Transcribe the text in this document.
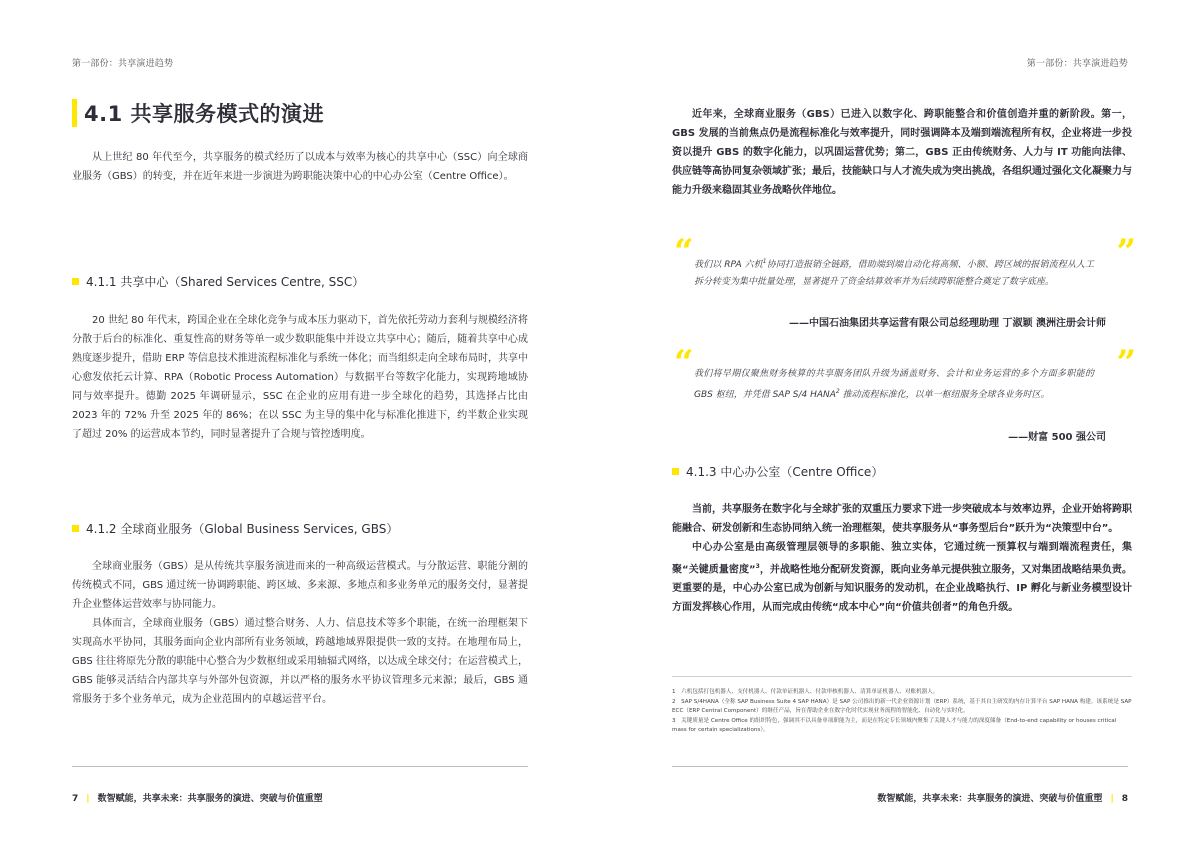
第一部份：共享演进趋势
4.1 共享服务模式的演进

从上世纪 80 年代至今，共享服务的模式经历了以成本与效率为核心的共享中心（SSC）向全球商业服务（GBS）的转变，并在近年来进一步演进为跨职能决策中心的中心办公室（Centre Office）。

4.1.1 共享中心（Shared Services Centre, SSC）

20 世纪 80 年代末，跨国企业在全球化竞争与成本压力驱动下，首先依托劳动力套利与规模经济将分散于后台的标准化、重复性高的财务等单一或少数职能集中并设立共享中心；随后，随着共享中心成熟度逐步提升，借助 ERP 等信息技术推进流程标准化与系统一体化；而当组织走向全球布局时，共享中心愈发依托云计算、RPA（Robotic Process Automation）与数据平台等数字化能力，实现跨地域协同与效率提升。德勤 2025 年调研显示，SSC 在企业的应用有进一步全球化的趋势，其选择占比由 2023 年的 72% 升至 2025 年的 86%；在以 SSC 为主导的集中化与标准化推进下，约半数企业实现了超过 20% 的运营成本节约，同时显著提升了合规与管控透明度。

4.1.2 全球商业服务（Global Business Services, GBS）

全球商业服务（GBS）是从传统共享服务演进而来的一种高级运营模式。与分散运营、职能分割的传统模式不同，GBS 通过统一协调跨职能、跨区域、多来源、多地点和多业务单元的服务交付，显著提升企业整体运营效率与协同能力。

具体而言，全球商业服务（GBS）通过整合财务、人力、信息技术等多个职能，在统一治理框架下实现高水平协同，其服务面向企业内部所有业务领域，跨越地域界限提供一致的支持。在地理布局上，GBS 往往将原先分散的职能中心整合为少数枢纽或采用轴辐式网络，以达成全球交付；在运营模式上，GBS 能够灵活结合内部共享与外部外包资源，并以严格的服务水平协议管理多元来源；最后，GBS 通常服务于多个业务单元，成为企业范围内的卓越运营平台。

7 | 数智赋能，共享未来：共享服务的演进、突破与价值重塑
第一部份：共享演进趋势

近年来，全球商业服务（GBS）已进入以数字化、跨职能整合和价值创造并重的新阶段。第一，GBS 发展的当前焦点仍是流程标准化与效率提升，同时强调降本及端到端流程所有权，企业将进一步投资以提升 GBS 的数字化能力，以巩固运营优势；第二，GBS 正由传统财务、人力与 IT 功能向法律、供应链等高协同复杂领域扩张；最后，技能缺口与人才流失成为突出挑战，各组织通过强化文化凝聚力与能力升级来稳固其业务战略伙伴地位。

“	”
我们以 RPA 六机$^1$协同打造报销全链路，借助端到端自动化将高频、小额、跨区域的报销流程从人工拆分转变为集中批量处理，显著提升了资金结算效率并为后续跨职能整合奠定了数字底座。
——中国石油集团共享运营有限公司总经理助理 丁淑颖 澳洲注册会计师
“	”
我们将早期仅聚焦财务核算的共享服务团队升级为涵盖财务、会计和业务运营的多个方面多职能的 GBS 枢纽，并凭借 SAP S/4 HANA$^2$ 推动流程标准化，以单一枢纽服务全球各业务时区。
——财富 500 强公司
4.1.3 中心办公室（Centre Office）

当前，共享服务在数字化与全球扩张的双重压力要求下进一步突破成本与效率边界，企业开始将跨职能融合、研发创新和生态协同纳入统一治理框架，使共享服务从“事务型后台”跃升为“决策型中台”。

中心办公室是由高级管理层领导的多职能、独立实体，它通过统一预算权与端到端流程责任，集聚“关键质量密度”$^3$，并战略性地分配研发资源，既向业务单元提供独立服务，又对集团战略结果负责。更重要的是，中心办公室已成为创新与知识服务的发动机，在企业战略执行、IP 孵化与新业务模型设计方面发挥核心作用，从而完成由传统“成本中心”向“价值共创者”的角色升级。

1　六机包括打包机器人、支付机器人、付款单证机器人、付款审核机器人、清算单证机器人、对账机器人。
2　SAP S/4HANA（全称 SAP Business Suite 4 SAP HANA）是 SAP 公司推出的新一代企业资源计划（ERP）系统，基于其自主研发的内存计算平台 SAP HANA 构建。该系统是 SAP ECC（ERP Central Component）的继任产品，旨在帮助企业在数字化时代实现业务流程的智能化、自动化与实时化。
3　关键质量是 Centre Office 的组织特色，强调其不以具备单项职能为主，而是在特定专长领域内聚集了关键人才与能力的深度储备（End-to-end capability or houses critical mass for certain specializations）。
数智赋能，共享未来：共享服务的演进、突破与价值重塑 | 8
